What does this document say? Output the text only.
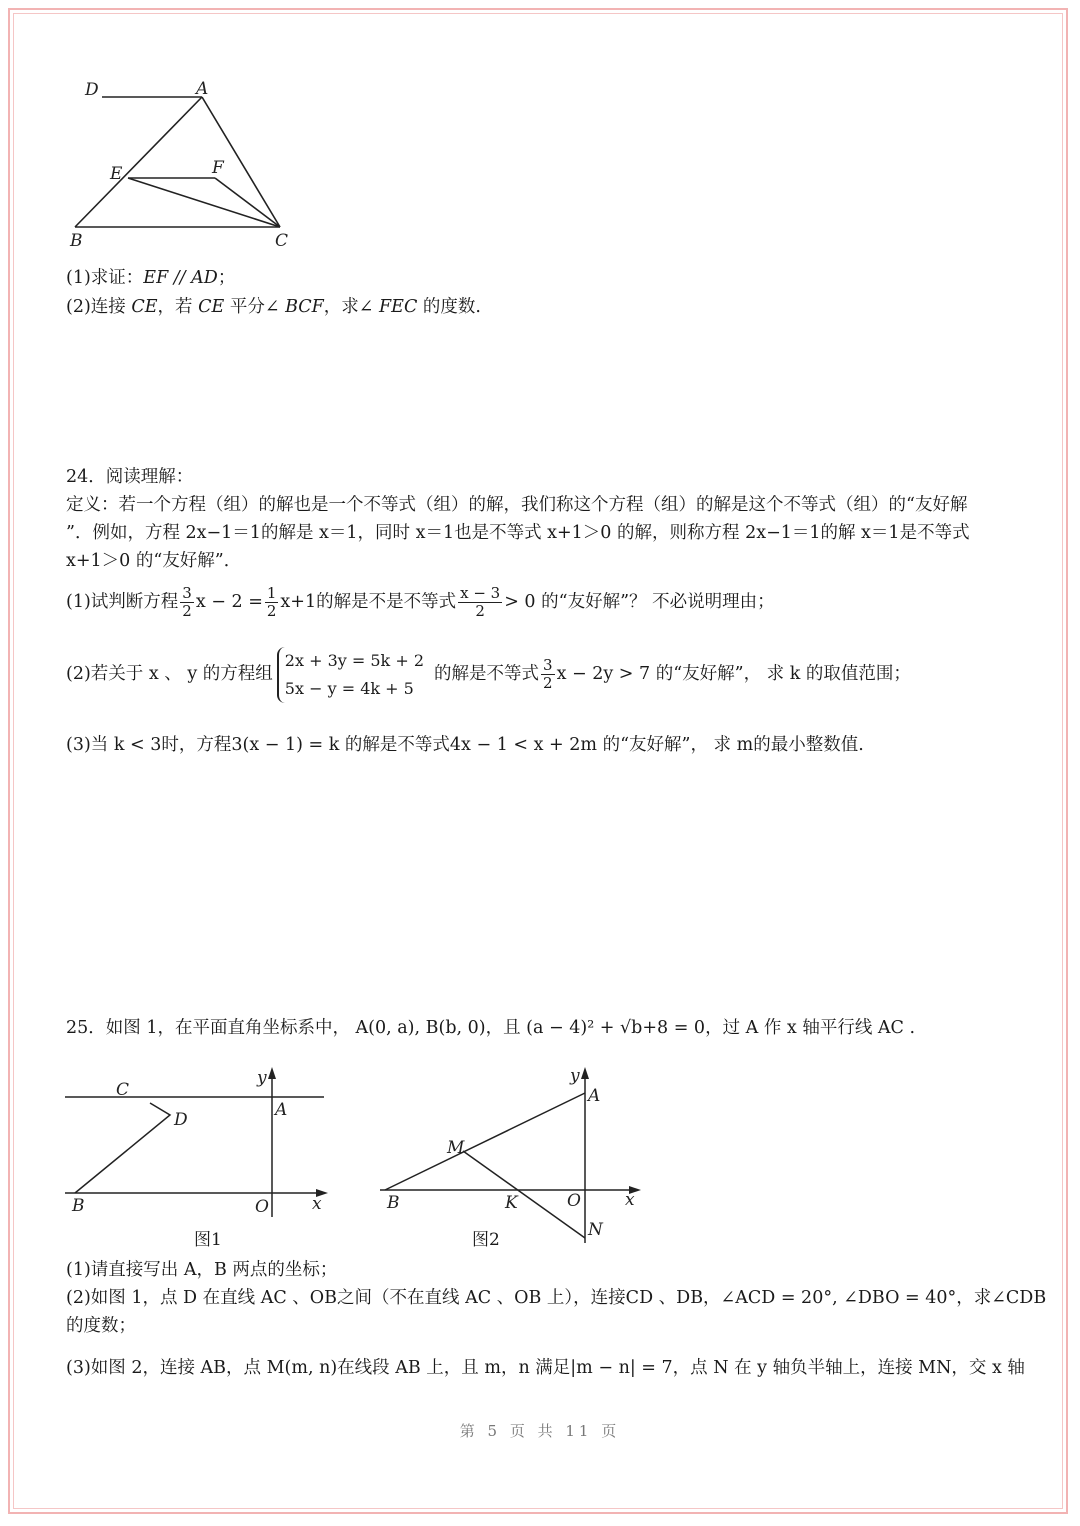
D	A
E	F
B	C
(1)求证：EF // AD；
(2)连接 CE，若 CE 平分∠ BCF，求∠ FEC 的度数.
24．阅读理解：
定义：若一个方程（组）的解也是一个不等式（组）的解，我们称这个方程（组）的解是这个不等式（组）的“友好解
”．例如，方程 2x−1＝1的解是 x＝1，同时 x＝1也是不等式 x+1＞0 的解，则称方程 2x−1＝1的解 x＝1是不等式
x+1＞0 的“友好解”．
(1)试判断方程 $\frac{3}{2}$ $x - 2 = \frac{1}{2} x+1$的解是不是不等式 $\frac{x - 3}{2} > 0$ 的“友好解”？ 不必说明理由；
(2)若关于 x 、 y 的方程组
2x + 3y = 5k + 2
5x − y = 4k + 5
的解是不等式 $\frac{3}{2}$ x − 2y > 7 的“友好解”， 求 k 的取值范围；
(3)当 k < 3时，方程3(x − 1) = k 的解是不等式4x − 1 < x + 2m 的“友好解”， 求 m的最小整数值.
25．如图 1，在平面直角坐标系中， A(0, a), B(b, 0)，且 (a − 4)² + √b+8 = 0，过 A 作 x 轴平行线 AC .
C
D
y
A
B	O	x
图1
y
A
M
B	K	O	x
N
图2
(1)请直接写出 A，B 两点的坐标；
(2)如图 1，点 D 在直线 AC 、OB之间（不在直线 AC 、OB 上），连接CD 、DB，∠ACD = 20°, ∠DBO = 40°，求∠CDB
的度数；
(3)如图 2，连接 AB，点 M(m, n)在线段 AB 上，且 m，n 满足|m − n| = 7，点 N 在 y 轴负半轴上，连接 MN，交 x 轴
第 5 页 共 11 页
